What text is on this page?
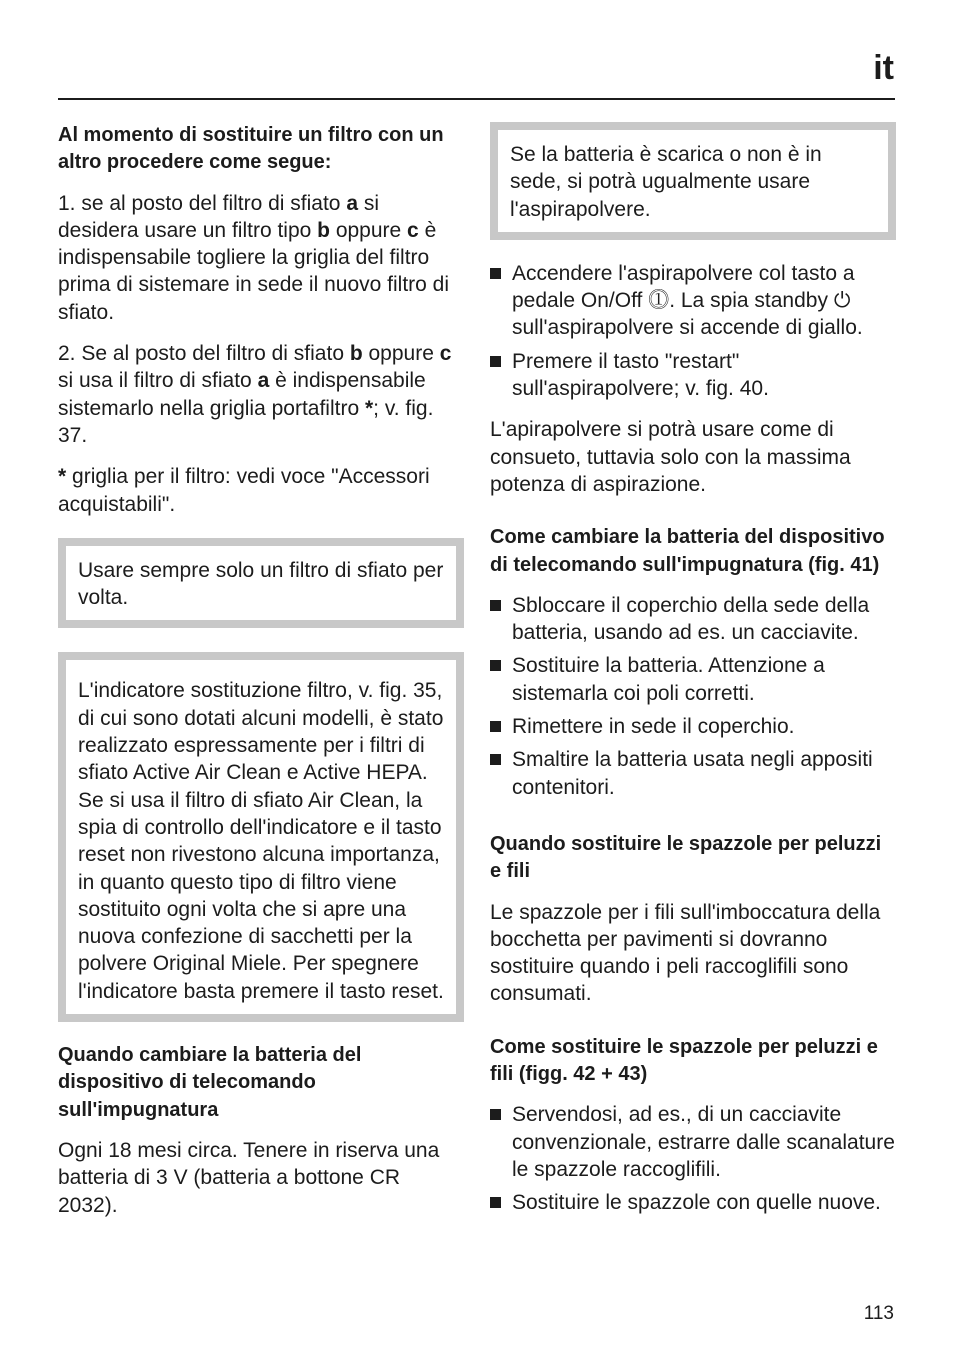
it
Al momento di sostituire un filtro con un altro procedere come segue:

1. se al posto del filtro di sfiato a si desidera usare un filtro tipo b oppure c è indispensabile togliere la griglia del filtro prima di sistemare in sede il nuovo filtro di sfiato.

2. Se al posto del filtro di sfiato b oppure c si usa il filtro di sfiato a è indispensabile sistemarlo nella griglia portafiltro *; v. fig. 37.

* griglia per il filtro: vedi voce "Accessori acquistabili".

Usare sempre solo un filtro di sfiato per volta.

L'indicatore sostituzione filtro, v. fig. 35, di cui sono dotati alcuni modelli, è stato realizzato espressamente per i filtri di sfiato Active Air Clean e Active HEPA. Se si usa il filtro di sfiato Air Clean, la spia di controllo dell'indicatore e il tasto reset non rivestono alcuna importanza, in quanto questo tipo di filtro viene sostituito ogni volta che si apre una nuova confezione di sacchetti per la polvere Original Miele. Per spegnere l'indicatore basta premere il tasto reset.

Quando cambiare la batteria del dispositivo di telecomando sull'impugnatura

Ogni 18 mesi circa. Tenere in riserva una batteria di 3 V (batteria a bottone CR 2032).

Se la batteria è scarica o non è in sede, si potrà ugualmente usare l'aspirapolvere.

Accendere l'aspirapolvere col tasto a pedale On/Off ⓵. La spia standby ⏻ sull'aspirapolvere si accende di giallo.
Premere il tasto "restart" sull'aspirapolvere; v. fig. 40.

L'apirapolvere si potrà usare come di consueto, tuttavia solo con la massima potenza di aspirazione.

Come cambiare la batteria del dispositivo di telecomando sull'impugnatura (fig. 41)
Sbloccare il coperchio della sede della batteria, usando ad es. un cacciavite.
Sostituire la batteria. Attenzione a sistemarla coi poli corretti.
Rimettere in sede il coperchio.
Smaltire la batteria usata negli appositi contenitori.
Quando sostituire le spazzole per peluzzi e fili

Le spazzole per i fili sull'imboccatura della bocchetta per pavimenti si dovranno sostituire quando i peli raccoglifili sono consumati.

Come sostituire le spazzole per peluzzi e fili (figg. 42 + 43)
Servendosi, ad es., di un cacciavite convenzionale, estrarre dalle scanalature le spazzole raccoglifili.
Sostituire le spazzole con quelle nuove.
113
